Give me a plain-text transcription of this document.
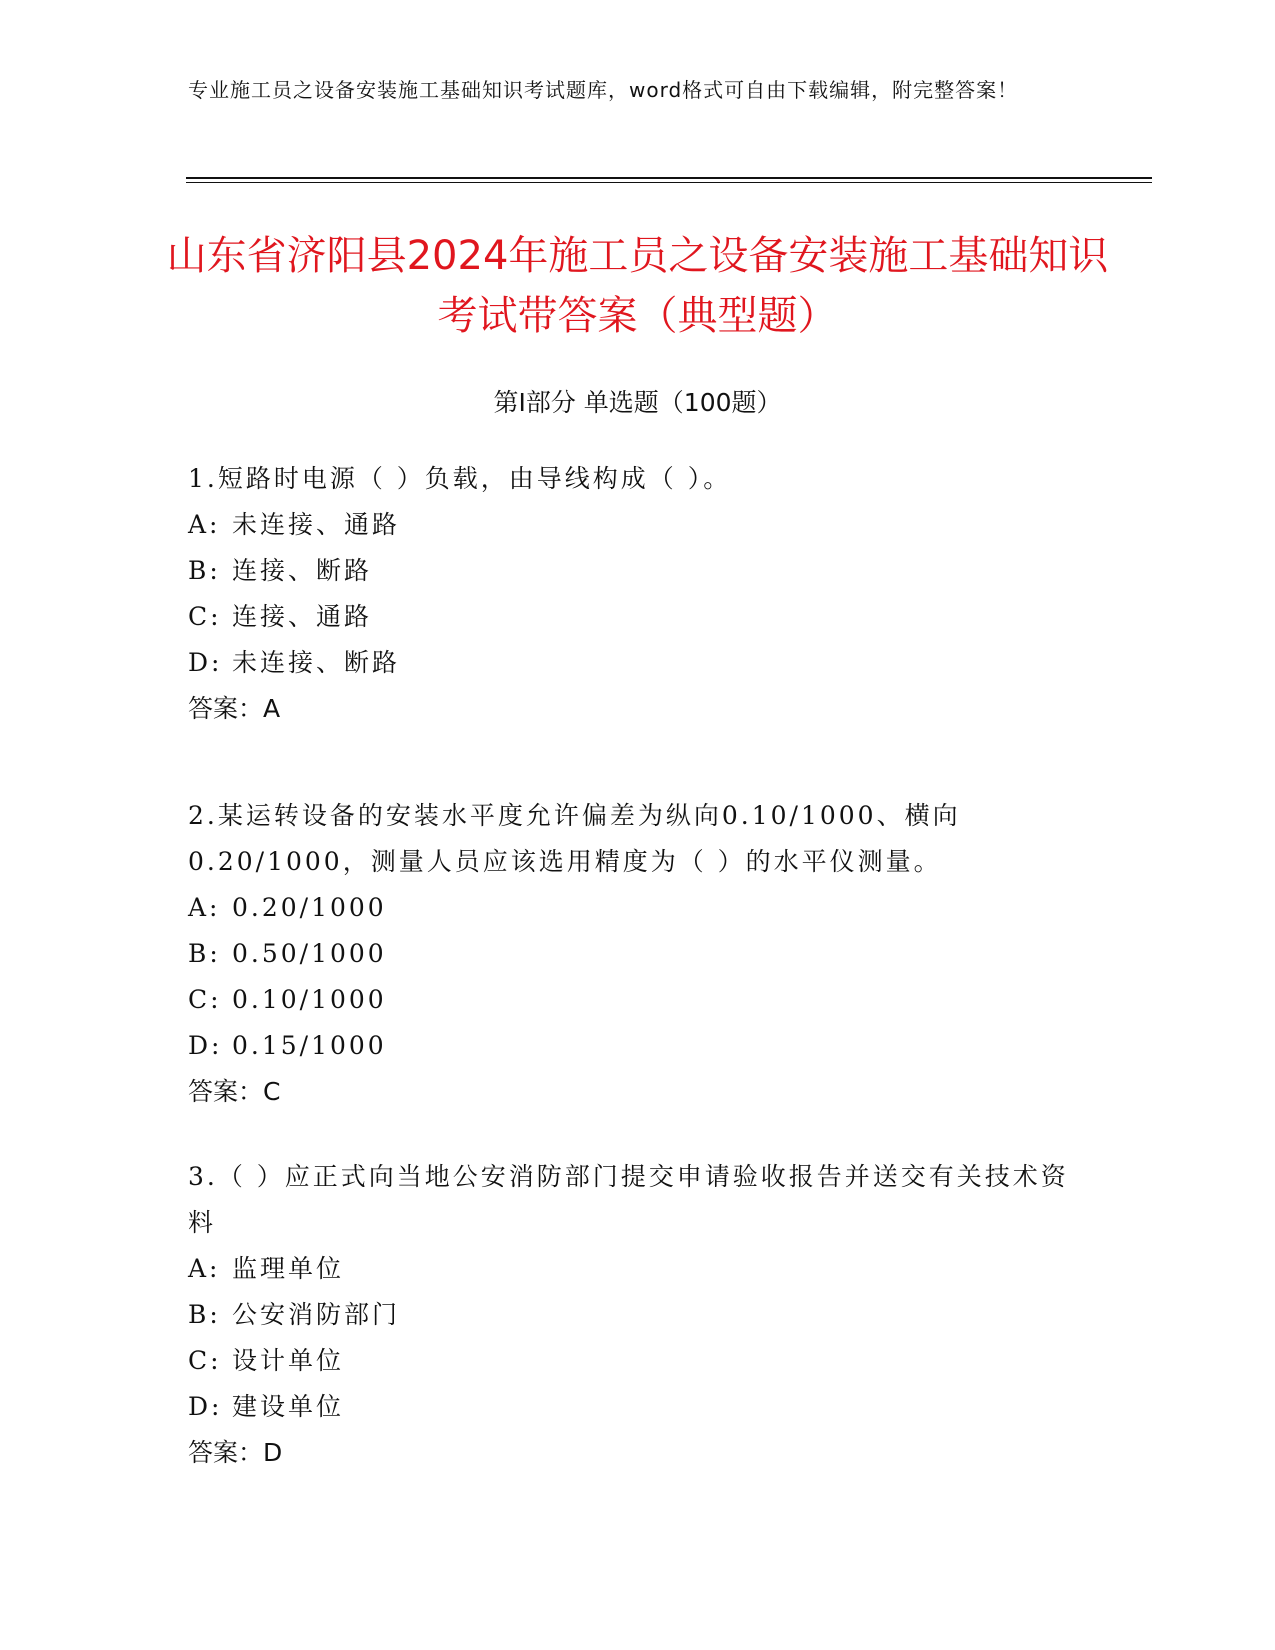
专业施工员之设备安装施工基础知识考试题库，word格式可自由下载编辑，附完整答案！
山东省济阳县2024年施工员之设备安装施工基础知识考试带答案（典型题）
第I部分 单选题（100题）
1.短路时电源（ ）负载，由导线构成（ ）。
A: 未连接、通路
B: 连接、断路
C: 连接、通路
D: 未连接、断路
答案：A
2.某运转设备的安装水平度允许偏差为纵向0.10/1000、横向0.20/1000，测量人员应该选用精度为（ ）的水平仪测量。
A: 0.20/1000
B: 0.50/1000
C: 0.10/1000
D: 0.15/1000
答案：C
3.（ ）应正式向当地公安消防部门提交申请验收报告并送交有关技术资料
A: 监理单位
B: 公安消防部门
C: 设计单位
D: 建设单位
答案：D
